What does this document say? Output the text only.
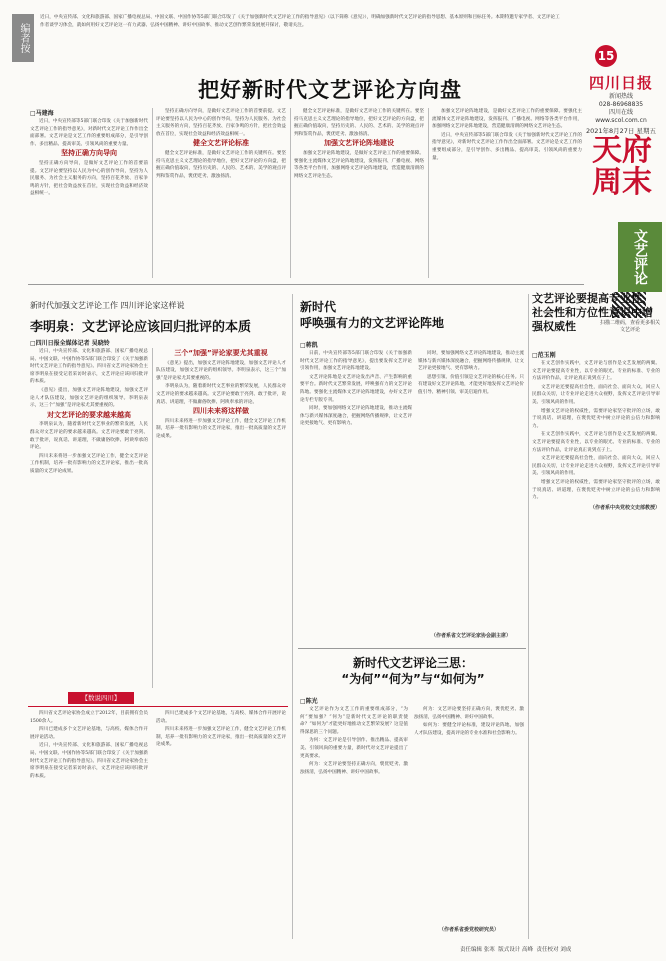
编者按
近日，中央宣传部、文化和旅游部、国家广播电视总局、中国文联、中国作协等5部门联合印发了《关于加强新时代文艺评论工作的指导意见》（以下简称《意见》），明确加强新时代文艺评论的指导思想、基本原则和目标任务。本期特邀专家学者、文艺评论工作者谈学习体会，就如何用好文艺评论这一有力武器、弘扬中国精神、讲好中国故事、推动文艺创作繁荣发展展开探讨，敬请关注。
15
四川日报
新闻热线
028-86968835
四川在线
www.scol.com.cn
2021年8月27日 星期五
天府周末
文艺评论
扫描二维码，查看更多相关文艺评论
把好新时代文艺评论方向盘
□马建海

近日，中央宣传部等5部门联合印发《关于加强新时代文艺评论工作的指导意见》，对新时代文艺评论工作作出全面部署。文艺评论是文艺工作的重要组成部分，是引导创作、多出精品、提高审美、引领风尚的重要力量。

坚持正确方向导向

坚持正确方向导向，是做好文艺评论工作的首要前提。文艺评论要坚持以人民为中心的创作导向，坚持为人民服务、为社会主义服务的方向，坚持百花齐放、百家争鸣的方针，把社会效益放在首位，实现社会效益和经济效益相统一。

坚持正确方向导向，是做好文艺评论工作的首要前提。文艺评论要坚持以人民为中心的创作导向，坚持为人民服务、为社会主义服务的方向，坚持百花齐放、百家争鸣的方针，把社会效益放在首位，实现社会效益和经济效益相统一。

健全文艺评论标准

健全文艺评论标准，是做好文艺评论工作的关键所在。要坚持马克思主义文艺理论的指导地位，把好文艺评论的方向盘，把握正确价值取向，坚持历史的、人民的、艺术的、美学的观点评判和鉴赏作品，褒优贬劣、激浊扬清。

健全文艺评论标准，是做好文艺评论工作的关键所在。要坚持马克思主义文艺理论的指导地位，把好文艺评论的方向盘，把握正确价值取向，坚持历史的、人民的、艺术的、美学的观点评判和鉴赏作品，褒优贬劣、激浊扬清。

加强文艺评论阵地建设

加强文艺评论阵地建设，是做好文艺评论工作的重要保障。要强化主流媒体文艺评论阵地建设，发挥报刊、广播电视、网络等各类平台作用，加强网络文艺评论阵地建设，营造健康清朗的网络文艺评论生态。

加强文艺评论阵地建设，是做好文艺评论工作的重要保障。要强化主流媒体文艺评论阵地建设，发挥报刊、广播电视、网络等各类平台作用，加强网络文艺评论阵地建设，营造健康清朗的网络文艺评论生态。

近日，中央宣传部等5部门联合印发《关于加强新时代文艺评论工作的指导意见》，对新时代文艺评论工作作出全面部署。文艺评论是文艺工作的重要组成部分，是引导创作、多出精品、提高审美、引领风尚的重要力量。

新时代加强文艺评论工作 四川评论家这样说
李明泉：文艺评论应该回归批评的本质
□四川日报全媒体记者 吴晓铃

近日，中央宣传部、文化和旅游部、国家广播电视总局、中国文联、中国作协等5部门联合印发了《关于加强新时代文艺评论工作的指导意见》。四川省文艺评论家协会主席李明泉在接受记者采访时表示，文艺评论应该回归批评的本质。

《意见》提出，加强文艺评论阵地建设，加强文艺评论人才队伍建设，加强文艺评论的组织领导。李明泉表示，这三个“加强”是评论家尤其要重视的。

对文艺评论的要求越来越高

李明泉认为，随着新时代文艺事业的繁荣发展，人民群众对文艺评论的要求越来越高。文艺评论要敢于亮剑、敢于批评，说真话、讲道理，不做庸俗吹捧、阿谀奉承的评论。

四川未来将进一步加强文艺评论工作，健全文艺评论工作机制，培养一批有影响力的文艺评论家，推出一批高质量的文艺评论成果。

三个“加强”评论家要尤其重视

《意见》提出，加强文艺评论阵地建设，加强文艺评论人才队伍建设，加强文艺评论的组织领导。李明泉表示，这三个“加强”是评论家尤其要重视的。

李明泉认为，随着新时代文艺事业的繁荣发展，人民群众对文艺评论的要求越来越高。文艺评论要敢于亮剑、敢于批评，说真话、讲道理，不做庸俗吹捧、阿谀奉承的评论。

四川未来将这样做

四川未来将进一步加强文艺评论工作，健全文艺评论工作机制，培养一批有影响力的文艺评论家，推出一批高质量的文艺评论成果。

【数说四川】

四川省文艺评论家协会成立于2012年，目前拥有会员1500余人。

四川已建成多个文艺评论基地，与高校、媒体合作开展评论活动。

近日，中央宣传部、文化和旅游部、国家广播电视总局、中国文联、中国作协等5部门联合印发了《关于加强新时代文艺评论工作的指导意见》。四川省文艺评论家协会主席李明泉在接受记者采访时表示，文艺评论应该回归批评的本质。

四川已建成多个文艺评论基地，与高校、媒体合作开展评论活动。

四川未来将进一步加强文艺评论工作，健全文艺评论工作机制，培养一批有影响力的文艺评论家，推出一批高质量的文艺评论成果。

新时代
呼唤强有力的文艺评论阵地
□蒋凯

日前，中央宣传部等5部门联合印发《关于加强新时代文艺评论工作的指导意见》，提出要发挥文艺评论引领作用，加强文艺评论阵地建设。

文艺评论阵地是文艺评论发出声音、产生影响的重要平台。新时代文艺繁荣发展，呼唤强有力的文艺评论阵地。要强化主流媒体文艺评论阵地建设，办好文艺评论专栏专版专刊。

同时，要加强网络文艺评论阵地建设，推动主流媒体与新兴媒体深度融合，把握网络传播规律，让文艺评论更接地气、更有影响力。

同时，要加强网络文艺评论阵地建设，推动主流媒体与新兴媒体深度融合，把握网络传播规律，让文艺评论更接地气、更有影响力。

思想引领、价值引领是文艺评论的核心任务。只有建设好文艺评论阵地，才能更好地发挥文艺评论价值引导、精神引领、审美启迪作用。

（作者系省文艺评论家协会副主席）
文艺评论要提高专业性、社会性和方位性意识中增强权威性
□范玉刚

在文艺创作实践中，文艺评论与创作是文艺发展的两翼。文艺评论要提高专业性，以专业的眼光、专业的标准、专业的方法评价作品，让评论真正说到点子上。

文艺评论还要提高社会性，面向社会、面向大众，回应人民群众关切，让专业评论走进大众视野，发挥文艺评论引导审美、引领风尚的作用。

增强文艺评论的权威性，需要评论家坚守批评的立场，敢于说真话、讲道理，在褒优贬劣中树立评论的公信力和影响力。

在文艺创作实践中，文艺评论与创作是文艺发展的两翼。文艺评论要提高专业性，以专业的眼光、专业的标准、专业的方法评价作品，让评论真正说到点子上。

文艺评论还要提高社会性，面向社会、面向大众，回应人民群众关切，让专业评论走进大众视野，发挥文艺评论引导审美、引领风尚的作用。

增强文艺评论的权威性，需要评论家坚守批评的立场，敢于说真话、讲道理，在褒优贬劣中树立评论的公信力和影响力。

（作者系中央党校文史部教授）
新时代文艺评论三思：
“为何”“何为”与“如何为”
□陈光

文艺评论作为文艺工作的重要组成部分，“为何”要加强？“何为”是新时代文艺评论的职责使命？“如何为”才能更好地推动文艺繁荣发展？这是值得深思的三个问题。

为何：文艺评论是引导创作、推出精品、提高审美、引领风尚的重要力量，新时代对文艺评论提出了更高要求。

何为：文艺评论要坚持正确方向，褒优贬劣、激浊扬清，弘扬中国精神、讲好中国故事。

何为：文艺评论要坚持正确方向，褒优贬劣、激浊扬清，弘扬中国精神、讲好中国故事。

如何为：要健全评论标准，建设评论阵地，加强人才队伍建设，提高评论的专业水准和社会影响力。

（作者系省委党校研究员）
责任编辑 张寒 版式设计 高峰 责任校对 刘成
